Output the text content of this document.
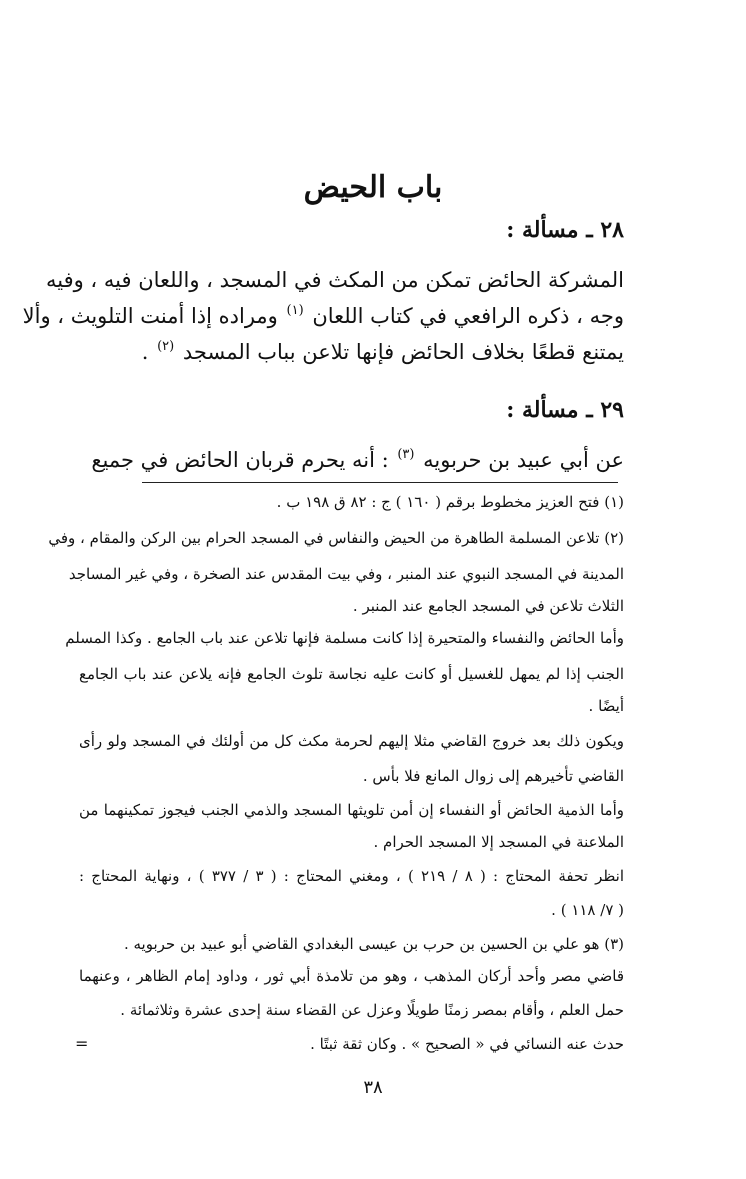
باب الحيض
٢٨ ـ مسألة :
المشركة الحائض تمكن من المكث في المسجد ، واللعان فيه ، وفيه
وجه ، ذكره الرافعي في كتاب اللعان $^{(١)}$ ومراده إذا أمنت التلويث ، وألا
يمتنع قطعًا بخلاف الحائض فإنها تلاعن بباب المسجد $^{(٢)}$ .
٢٩ ـ مسألة :
عن أبي عبيد بن حربويه $^{(٣)}$ : أنه يحرم قربان الحائض في جميع
(١) فتح العزيز مخطوط برقم ( ١٦٠ ) ج : ٨٢ ق ١٩٨ ب .
(٢) تلاعن المسلمة الطاهرة من الحيض والنفاس في المسجد الحرام بين الركن والمقام ، وفي
المدينة في المسجد النبوي عند المنبر ، وفي بيت المقدس عند الصخرة ، وفي غير المساجد
الثلاث تلاعن في المسجد الجامع عند المنبر .
وأما الحائض والنفساء والمتحيرة إذا كانت مسلمة فإنها تلاعن عند باب الجامع . وكذا المسلم
الجنب إذا لم يمهل للغسيل أو كانت عليه نجاسة تلوث الجامع فإنه يلاعن عند باب الجامع
أيضًا .
ويكون ذلك بعد خروج القاضي مثلا إليهم لحرمة مكث كل من أولئك في المسجد ولو رأى
القاضي تأخيرهم إلى زوال المانع فلا بأس .
وأما الذمية الحائض أو النفساء إن أمن تلويثها المسجد والذمي الجنب فيجوز تمكينهما من
الملاعنة في المسجد إلا المسجد الحرام .
انظر تحفة المحتاج : ( ٨ / ٢١٩ ) ، ومغني المحتاج : ( ٣ / ٣٧٧ ) ، ونهاية المحتاج :
( ٧/ ١١٨ ) .
(٣) هو علي بن الحسين بن حرب بن عيسى البغدادي القاضي أبو عبيد بن حربويه .
قاضي مصر وأحد أركان المذهب ، وهو من تلامذة أبي ثور ، وداود إمام الظاهر ، وعنهما
حمل العلم ، وأقام بمصر زمنًا طويلًا وعزل عن القضاء سنة إحدى عشرة وثلاثمائة .
حدث عنه النسائي في « الصحيح » . وكان ثقة ثبتًا .
=
٣٨
